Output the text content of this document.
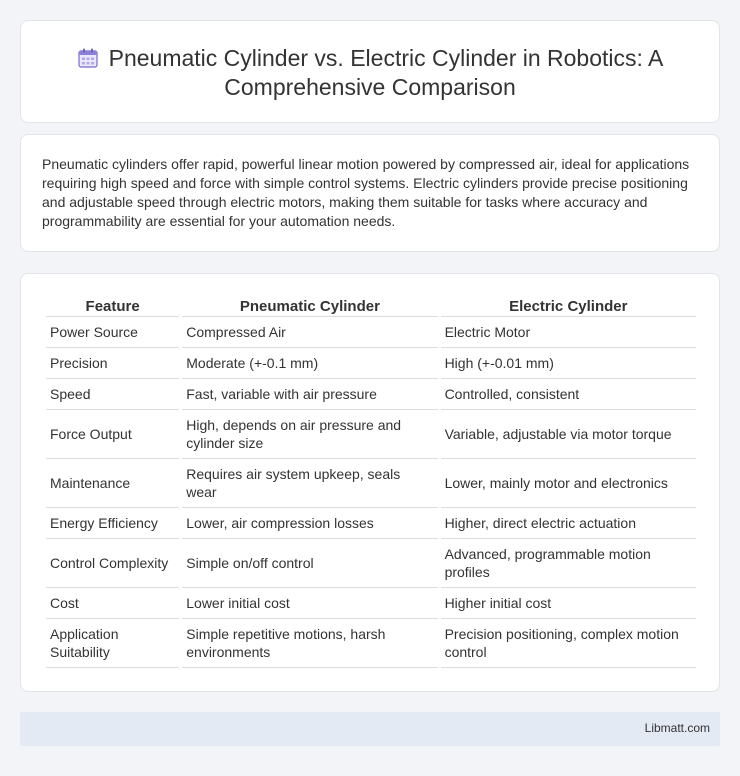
Pneumatic Cylinder vs. Electric Cylinder in Robotics: A
Comprehensive Comparison

Pneumatic cylinders offer rapid, powerful linear motion powered by compressed air, ideal for applications requiring high speed and force with simple control systems. Electric cylinders provide precise positioning and adjustable speed through electric motors, making them suitable for tasks where accuracy and programmability are essential for your automation needs.

Feature	Pneumatic Cylinder	Electric Cylinder
Power Source	Compressed Air	Electric Motor
Precision	Moderate (+-0.1 mm)	High (+-0.01 mm)
Speed	Fast, variable with air pressure	Controlled, consistent
Force Output	High, depends on air pressure and cylinder size	Variable, adjustable via motor torque
Maintenance	Requires air system upkeep, seals wear	Lower, mainly motor and electronics
Energy Efficiency	Lower, air compression losses	Higher, direct electric actuation
Control Complexity	Simple on/off control	Advanced, programmable motion profiles
Cost	Lower initial cost	Higher initial cost
Application Suitability	Simple repetitive motions, harsh environments	Precision positioning, complex motion control
Libmatt.com
